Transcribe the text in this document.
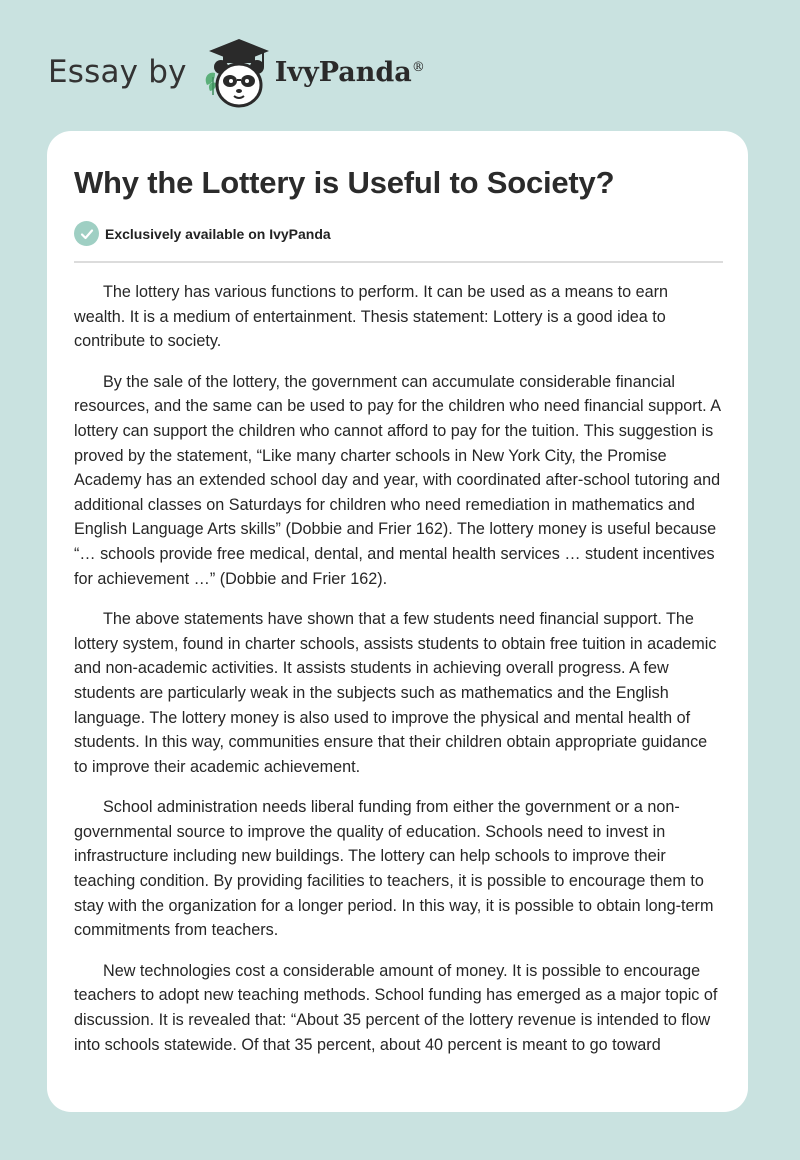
Essay by	IvyPanda®
Why the Lottery is Useful to Society?
Exclusively available on IvyPanda

The lottery has various functions to perform. It can be used as a means to earn wealth. It is a medium of entertainment. Thesis statement: Lottery is a good idea to contribute to society.

By the sale of the lottery, the government can accumulate considerable financial resources, and the same can be used to pay for the children who need financial support. A lottery can support the children who cannot afford to pay for the tuition. This suggestion is proved by the statement, “Like many charter schools in New York City, the Promise Academy has an extended school day and year, with coordinated after-school tutoring and additional classes on Saturdays for children who need remediation in mathematics and English Language Arts skills” (Dobbie and Frier 162). The lottery money is useful because “… schools provide free medical, dental, and mental health services … student incentives for achievement …” (Dobbie and Frier 162).

The above statements have shown that a few students need financial support. The lottery system, found in charter schools, assists students to obtain free tuition in academic and non-academic activities. It assists students in achieving overall progress. A few students are particularly weak in the subjects such as mathematics and the English language. The lottery money is also used to improve the physical and mental health of students. In this way, communities ensure that their children obtain appropriate guidance to improve their academic achievement.

School administration needs liberal funding from either the government or a non-governmental source to improve the quality of education. Schools need to invest in infrastructure including new buildings. The lottery can help schools to improve their teaching condition. By providing facilities to teachers, it is possible to encourage them to stay with the organization for a longer period. In this way, it is possible to obtain long-term commitments from teachers.

New technologies cost a considerable amount of money. It is possible to encourage teachers to adopt new teaching methods. School funding has emerged as a major topic of discussion. It is revealed that: “About 35 percent of the lottery revenue is intended to flow into schools statewide. Of that 35 percent, about 40 percent is meant to go toward
